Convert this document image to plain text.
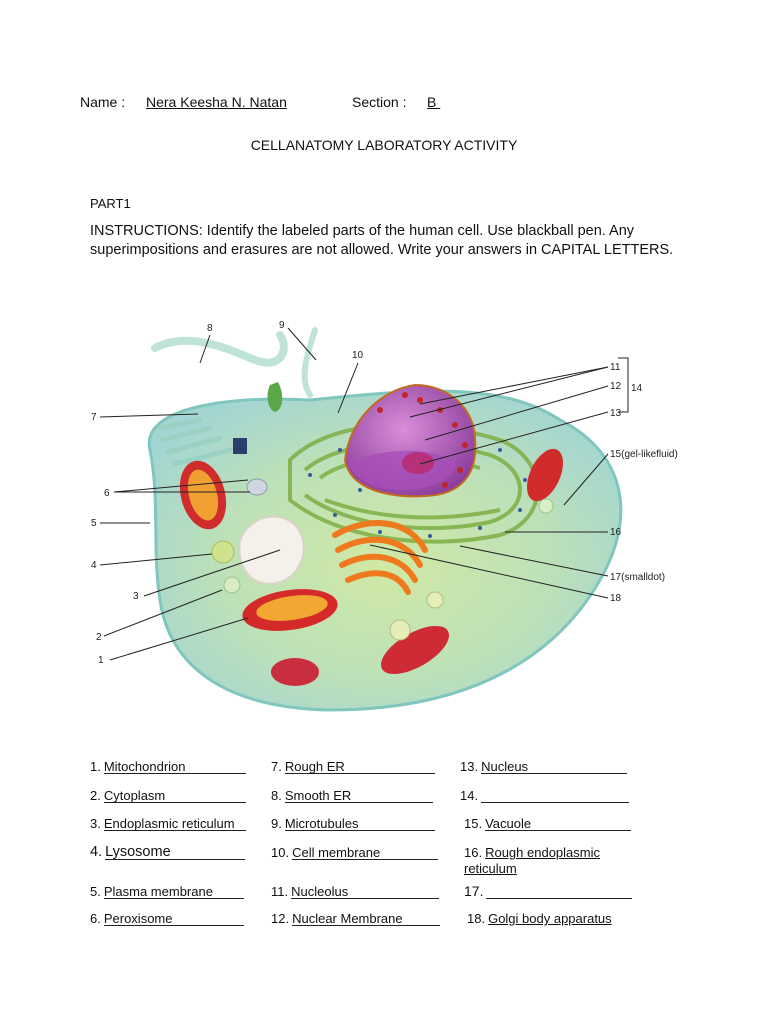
Name : Nera Keesha N. Natan	Section : B
CELLANATOMY LABORATORY ACTIVITY
PART1
INSTRUCTIONS: Identify the labeled parts of the human cell. Use blackball pen. Any superimpositions and erasures are not allowed. Write your answers in CAPITAL LETTERS.
1
2
3
4
5
6
7
8	9
10
11
12 14
13
15(gel-likefluid)
16
17(smalldot)
18
1. Mitochondrion
2. Cytoplasm
3. Endoplasmic reticulum
4. Lysosome
5. Plasma membrane
6. Peroxisome
7. Rough ER
8. Smooth ER
9. Microtubules
10. Cell membrane
11. Nucleolus
12. Nuclear Membrane
13. Nucleus
14.
15. Vacuole
16. Rough endoplasmic
reticulum
17.
18. Golgi body apparatus
